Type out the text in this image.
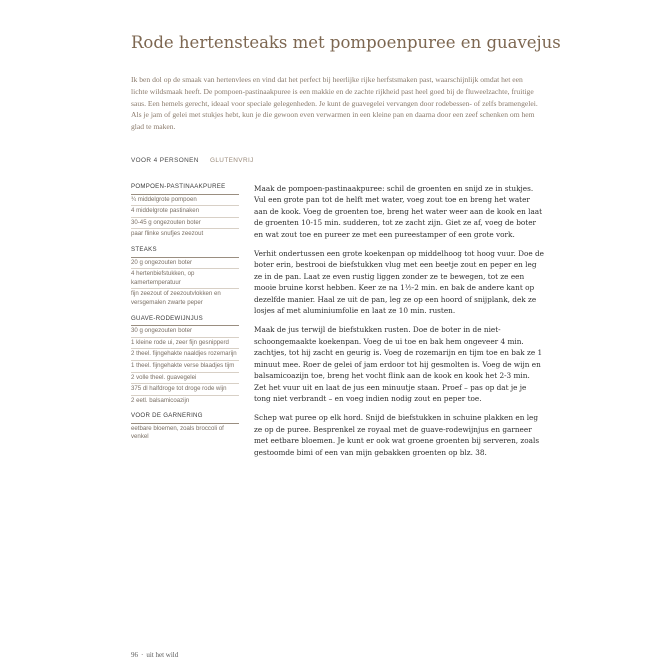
Rode hertensteaks met pompoenpuree en guavejus
Ik ben dol op de smaak van hertenvlees en vind dat het perfect bij heerlijke rijke herfstsmaken past, waarschijnlijk omdat het een lichte wildsmaak heeft. De pompoen-pastinaakpuree is een makkie en de zachte rijkheid past heel goed bij de fluweelzachte, fruitige saus. Een hemels gerecht, ideaal voor speciale gelegenheden. Je kunt de guavegelei vervangen door rodebessen- of zelfs bramengelei. Als je jam of gelei met stukjes hebt, kun je die gewoon even verwarmen in een kleine pan en daarna door een zeef schenken om hem glad te maken.
VOOR 4 PERSONEN GLUTENVRIJ
POMPOEN-PASTINAAKPUREE
¾ middelgrote pompoen
4 middelgrote pastinaken
30-45 g ongezouten boter
paar flinke snufjes zeezout
STEAKS
20 g ongezouten boter
4 hertenbiefstukken, op kamertemperatuur
fijn zeezout of zeezoutvlokken en versgemalen zwarte peper
GUAVE-RODEWIJNJUS
30 g ongezouten boter
1 kleine rode ui, zeer fijn gesnipperd
2 theel. fijngehakte naaldjes rozemarijn
1 theel. fijngehakte verse blaadjes tijm
2 volle theel. guavegelei
375 dl halfdroge tot droge rode wijn
2 eetl. balsamicoazijn
VOOR DE GARNERING
eetbare bloemen, zoals broccoli of venkel

Maak de pompoen-pastinaakpuree: schil de groenten en snijd ze in stukjes. Vul een grote pan tot de helft met water, voeg zout toe en breng het water aan de kook. Voeg de groenten toe, breng het water weer aan de kook en laat de groenten 10-15 min. sudderen, tot ze zacht zijn. Giet ze af, voeg de boter en wat zout toe en pureer ze met een pureestamper of een grote vork.

Verhit ondertussen een grote koekenpan op middelhoog tot hoog vuur. Doe de boter erin, bestrooi de biefstukken vlug met een beetje zout en peper en leg ze in de pan. Laat ze even rustig liggen zonder ze te bewegen, tot ze een mooie bruine korst hebben. Keer ze na 1½-2 min. en bak de andere kant op dezelfde manier. Haal ze uit de pan, leg ze op een hoord of snijplank, dek ze losjes af met aluminiumfolie en laat ze 10 min. rusten.

Maak de jus terwijl de biefstukken rusten. Doe de boter in de niet-schoongemaakte koekenpan. Voeg de ui toe en bak hem ongeveer 4 min. zachtjes, tot hij zacht en geurig is. Voeg de rozemarijn en tijm toe en bak ze 1 minuut mee. Roer de gelei of jam erdoor tot hij gesmolten is. Voeg de wijn en balsamicoazijn toe, breng het vocht flink aan de kook en kook het 2-3 min. Zet het vuur uit en laat de jus een minuutje staan. Proef – pas op dat je je tong niet verbrandt – en voeg indien nodig zout en peper toe.

Schep wat puree op elk hord. Snijd de biefstukken in schuine plakken en leg ze op de puree. Besprenkel ze royaal met de guave-rodewijnjus en garneer met eetbare bloemen. Je kunt er ook wat groene groenten bij serveren, zoals gestoomde bimi of een van mijn gebakken groenten op blz. 38.

96 · uit het wild
